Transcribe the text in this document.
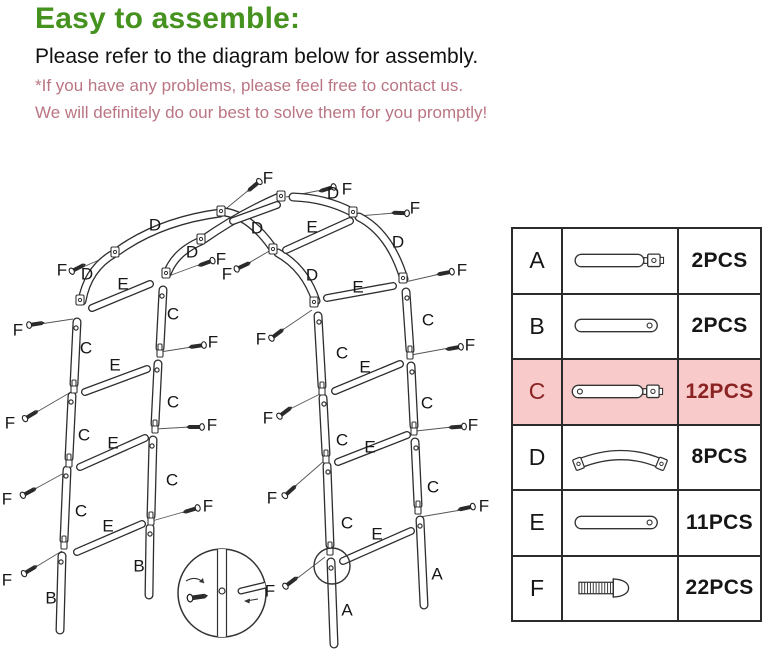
Easy to assemble:

Please refer to the diagram below for assembly.

*If you have any problems, please feel free to contact us.

We will definitely do our best to solve them for you promptly!

A
A
B
B
C
C
C
C
C
C
C
C
C
C
C
C
D
D
D
D
D
D
D
E
E
E
E
E
E
E
E
E
F
F
F
F
F
F
F
F
F
F
F
F
F	F	F
F
F	F	F
F
F
A	2PCS
B	2PCS
C	12PCS
D	8PCS
E	11PCS
F	22PCS
